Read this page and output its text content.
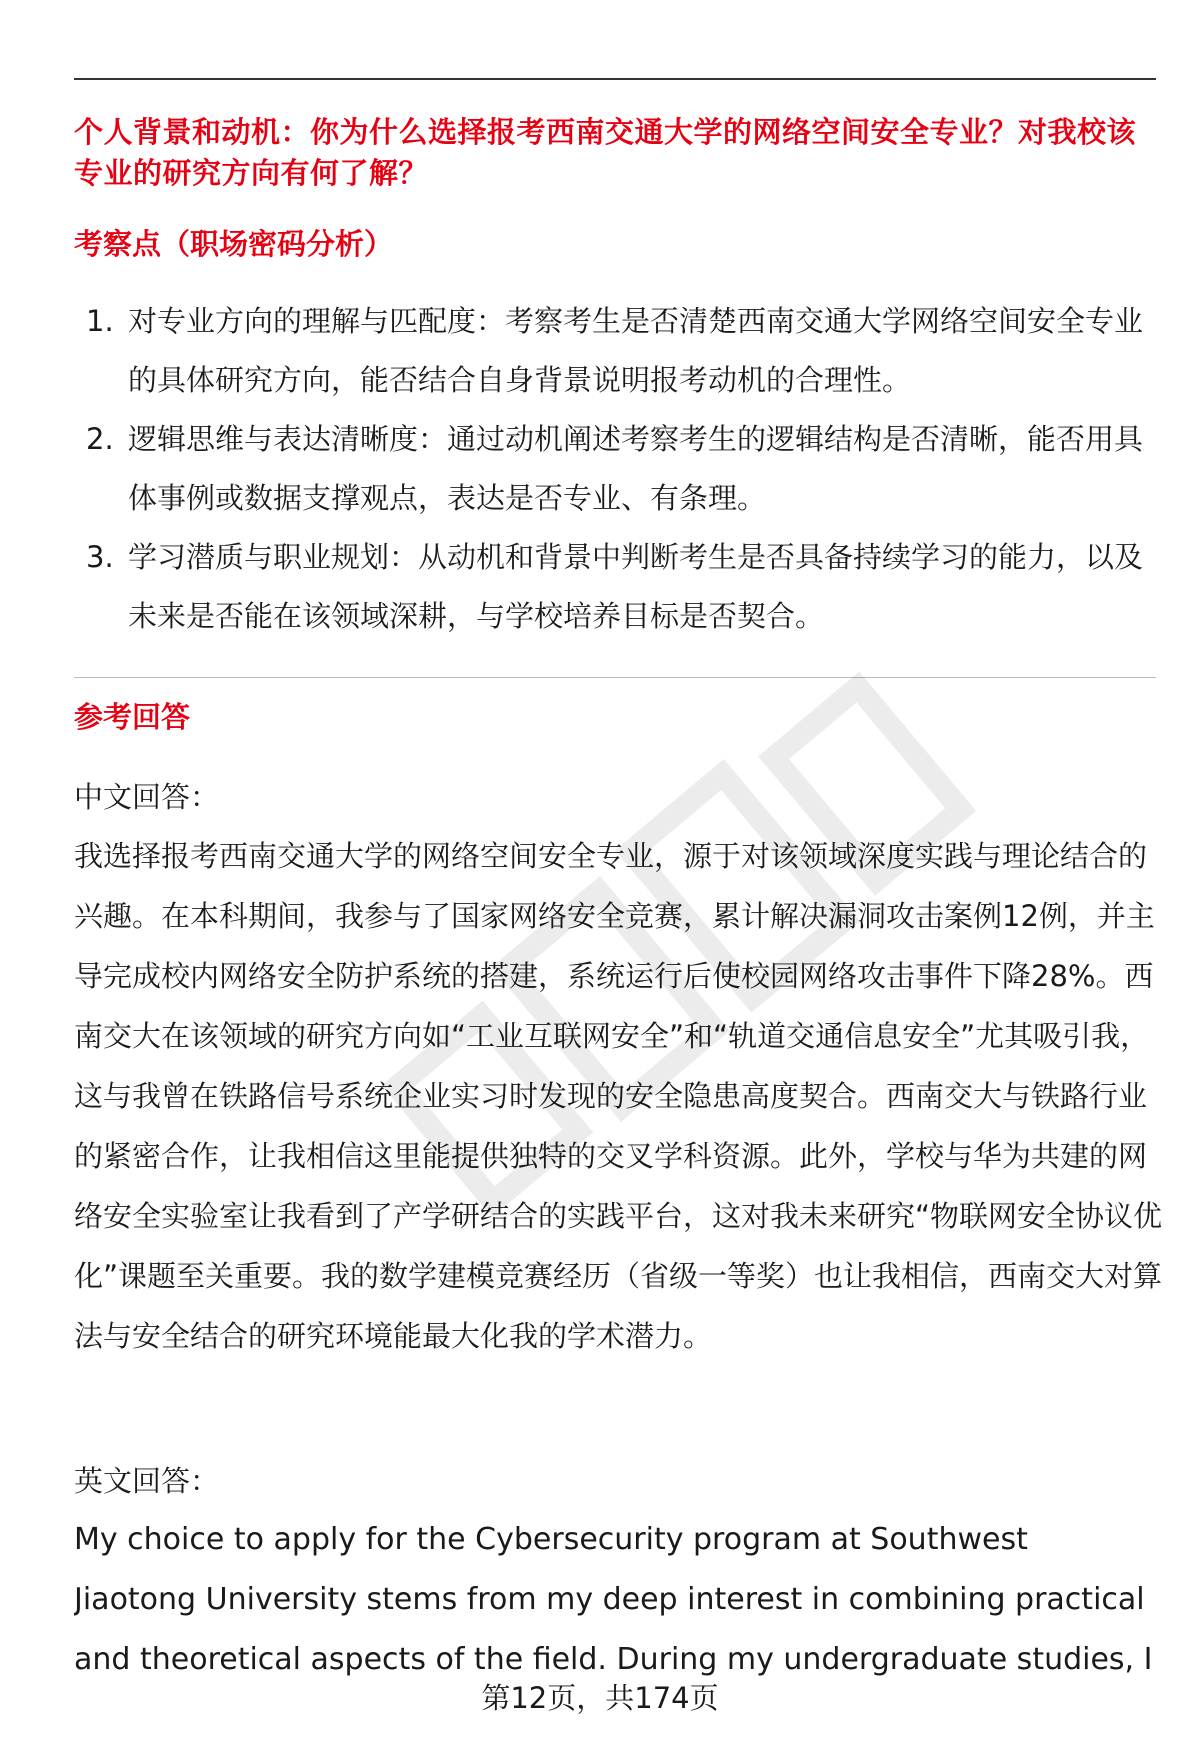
个人背景和动机：你为什么选择报考西南交通大学的网络空间安全专业？对我校该专业的研究方向有何了解？
考察点（职场密码分析）
1. 对专业方向的理解与匹配度：考察考生是否清楚西南交通大学网络空间安全专业的具体研究方向，能否结合自身背景说明报考动机的合理性。
2. 逻辑思维与表达清晰度：通过动机阐述考察考生的逻辑结构是否清晰，能否用具体事例或数据支撑观点，表达是否专业、有条理。
3. 学习潜质与职业规划：从动机和背景中判断考生是否具备持续学习的能力，以及未来是否能在该领域深耕，与学校培养目标是否契合。
参考回答
中文回答：

我选择报考西南交通大学的网络空间安全专业，源于对该领域深度实践与理论结合的兴趣。在本科期间，我参与了国家网络安全竞赛，累计解决漏洞攻击案例12例，并主导完成校内网络安全防护系统的搭建，系统运行后使校园网络攻击事件下降28%。西南交大在该领域的研究方向如“工业互联网安全”和“轨道交通信息安全”尤其吸引我，这与我曾在铁路信号系统企业实习时发现的安全隐患高度契合。西南交大与铁路行业的紧密合作，让我相信这里能提供独特的交叉学科资源。此外，学校与华为共建的网络安全实验室让我看到了产学研结合的实践平台，这对我未来研究“物联网安全协议优化”课题至关重要。我的数学建模竞赛经历（省级一等奖）也让我相信，西南交大对算法与安全结合的研究环境能最大化我的学术潜力。

英文回答：

My choice to apply for the Cybersecurity program at Southwest Jiaotong University stems from my deep interest in combining practical and theoretical aspects of the field. During my undergraduate studies, I

第12页，共174页
